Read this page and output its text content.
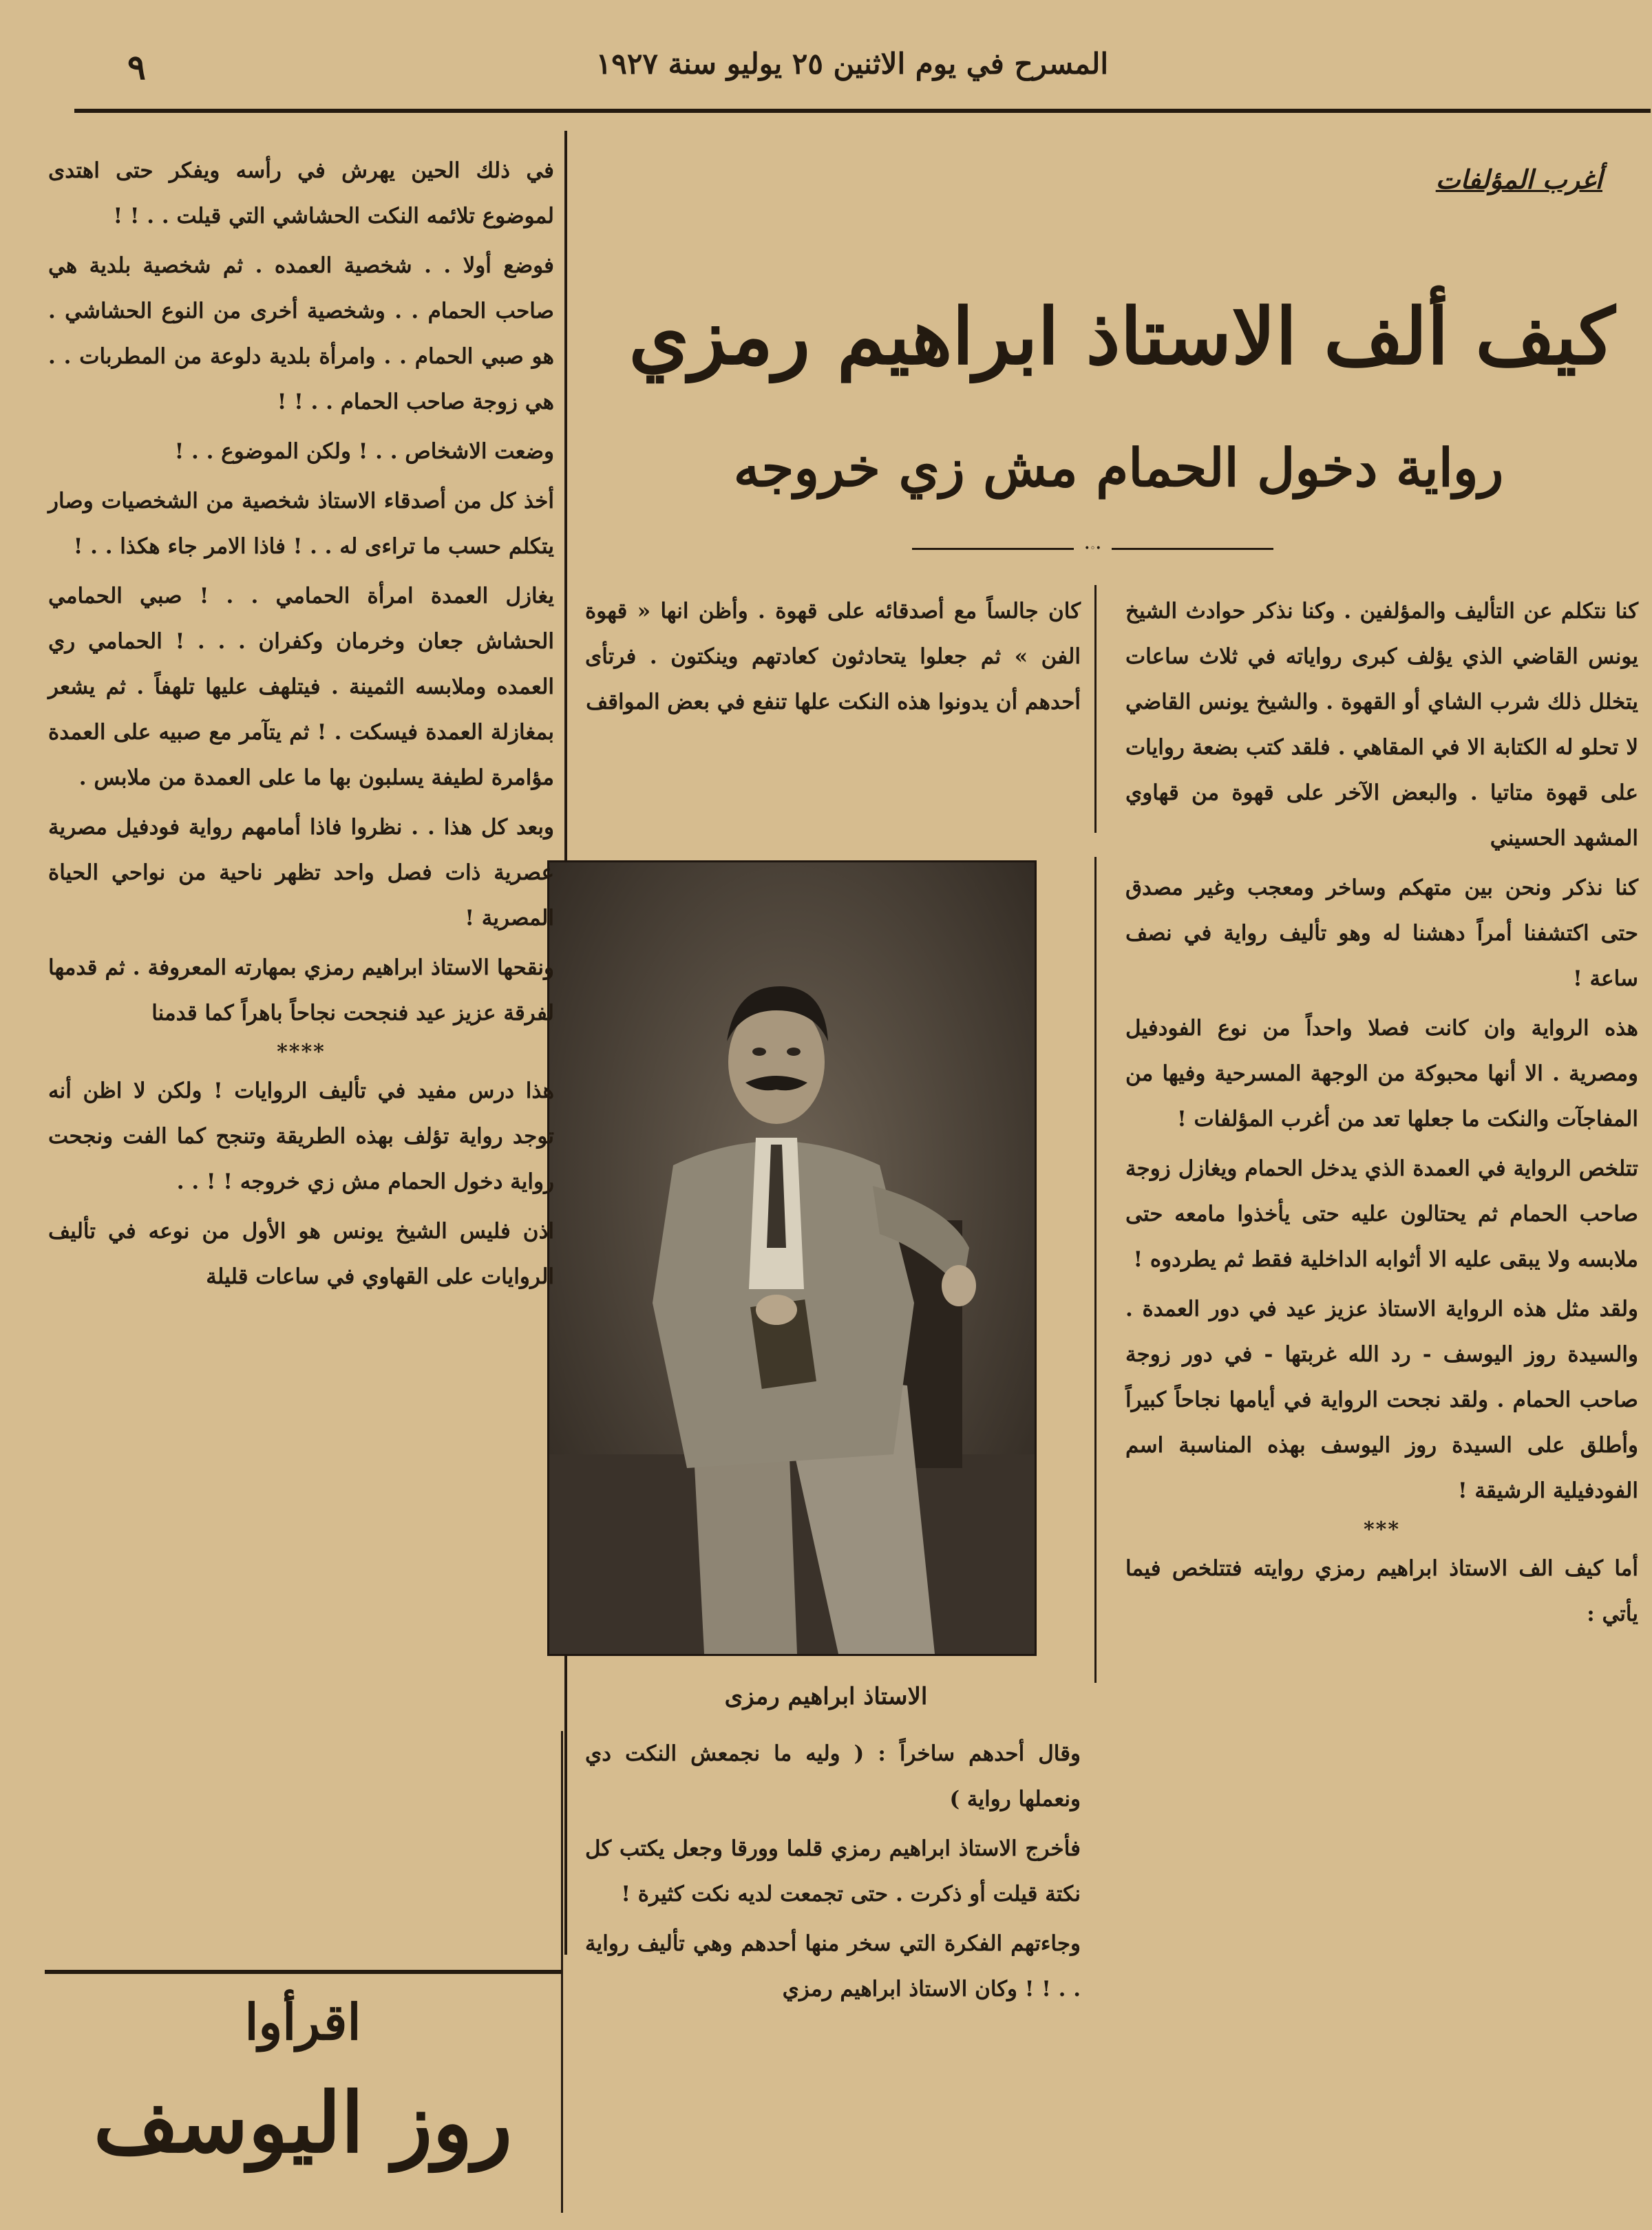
٩	المسرح في يوم الاثنين ٢٥ يوليو سنة ١٩٢٧
أغرب المؤلفات
كيف ألف الاستاذ ابراهيم رمزي
رواية دخول الحمام مش زي خروجه
•◦•

كنا نتكلم عن التأليف والمؤلفين . وكنا نذكر حوادث الشيخ يونس القاضي الذي يؤلف كبرى رواياته في ثلاث ساعات يتخلل ذلك شرب الشاي أو القهوة . والشيخ يونس القاضي لا تحلو له الكتابة الا في المقاهي . فلقد كتب بضعة روايات على قهوة متاتيا . والبعض الآخر على قهوة من قهاوي المشهد الحسيني

كنا نذكر ونحن بين متهكم وساخر ومعجب وغير مصدق حتى اكتشفنا أمراً دهشنا له وهو تأليف رواية في نصف ساعة !

هذه الرواية وان كانت فصلا واحداً من نوع الفودفيل ومصرية . الا أنها محبوكة من الوجهة المسرحية وفيها من المفاجآت والنكت ما جعلها تعد من أغرب المؤلفات !

تتلخص الرواية في العمدة الذي يدخل الحمام ويغازل زوجة صاحب الحمام ثم يحتالون عليه حتى يأخذوا مامعه حتى ملابسه ولا يبقى عليه الا أثوابه الداخلية فقط ثم يطردوه !

ولقد مثل هذه الرواية الاستاذ عزيز عيد في دور العمدة . والسيدة روز اليوسف - رد الله غربتها - في دور زوجة صاحب الحمام . ولقد نجحت الرواية في أيامها نجاحاً كبيراً وأطلق على السيدة روز اليوسف بهذه المناسبة اسم الفودفيلية الرشيقة !

***

أما كيف الف الاستاذ ابراهيم رمزي روايته فتتلخص فيما يأتي :

كان جالساً مع أصدقائه على قهوة . وأظن انها « قهوة الفن » ثم جعلوا يتحادثون كعادتهم وينكتون . فرتأى أحدهم أن يدونوا هذه النكت علها تنفع في بعض المواقف

الاستاذ ابراهيم رمزى

وقال أحدهم ساخراً : ( وليه ما نجمعش النكت دي ونعملها رواية )

فأخرج الاستاذ ابراهيم رمزي قلما وورقا وجعل يكتب كل نكتة قيلت أو ذكرت . حتى تجمعت لديه نكت كثيرة !

وجاءتهم الفكرة التي سخر منها أحدهم وهي تأليف رواية . . ! ! وكان الاستاذ ابراهيم رمزي

في ذلك الحين يهرش في رأسه ويفكر حتى اهتدى لموضوع تلائمه النكت الحشاشي التي قيلت . . ! !

فوضع أولا . . شخصية العمده . ثم شخصية بلدية هي صاحب الحمام . . وشخصية أخرى من النوع الحشاشي . هو صبي الحمام . . وامرأة بلدية دلوعة من المطربات . . هي زوجة صاحب الحمام . . ! !

وضعت الاشخاص . . ! ولكن الموضوع . . !

أخذ كل من أصدقاء الاستاذ شخصية من الشخصيات وصار يتكلم حسب ما تراءى له . . ! فاذا الامر جاء هكذا . . !

يغازل العمدة امرأة الحمامي . . ! صبي الحمامي الحشاش جعان وخرمان وكفران . . . ! الحمامي ري العمده وملابسه الثمينة . فيتلهف عليها تلهفاً . ثم يشعر بمغازلة العمدة فيسكت . ! ثم يتآمر مع صبيه على العمدة مؤامرة لطيفة يسلبون بها ما على العمدة من ملابس .

وبعد كل هذا . . نظروا فاذا أمامهم رواية فودفيل مصرية عصرية ذات فصل واحد تظهر ناحية من نواحي الحياة المصرية !

ونقحها الاستاذ ابراهيم رمزي بمهارته المعروفة . ثم قدمها لفرقة عزيز عيد فنجحت نجاحاً باهراً كما قدمنا

****

هذا درس مفيد في تأليف الروايات ! ولكن لا اظن أنه توجد رواية تؤلف بهذه الطريقة وتنجح كما الفت ونجحت رواية دخول الحمام مش زي خروجه ! ! . .

اذن فليس الشيخ يونس هو الأول من نوعه في تأليف الروايات على القهاوي في ساعات قليلة

اقرأوا
روز اليوسف
